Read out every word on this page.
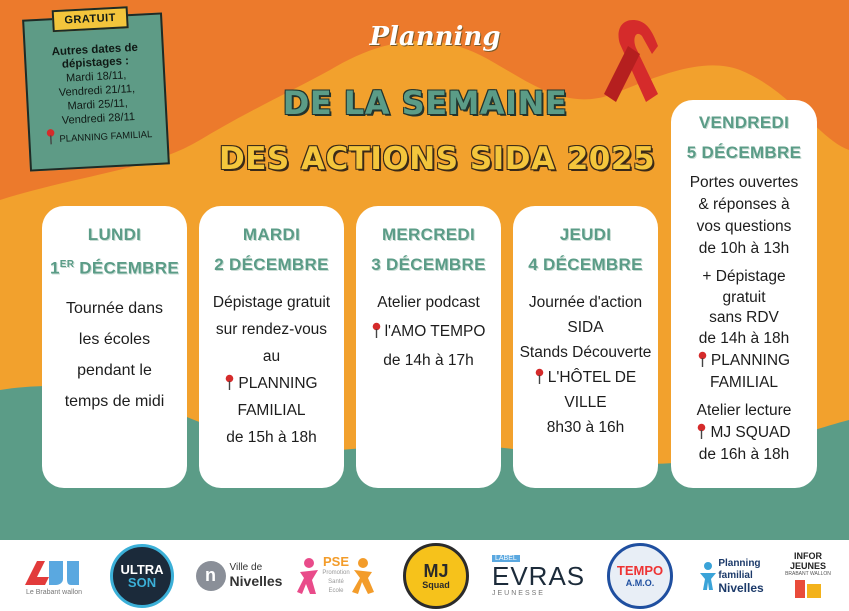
GRATUIT
Autres dates de dépistages :
Mardi 18/11,
Vendredi 21/11,
Mardi 25/11,
Vendredi 28/11
PLANNING FAMILIAL
Planning
DE LA SEMAINE
DES ACTIONS SIDA 2025
LUNDI
1ER DÉCEMBRE
Tournée dans
les écoles
pendant le
temps de midi
MARDI
2 DÉCEMBRE
Dépistage gratuit
sur rendez-vous
au
PLANNING
FAMILIAL
de 15h à 18h
MERCREDI
3 DÉCEMBRE
Atelier podcast
l'AMO TEMPO
de 14h à 17h
JEUDI
4 DÉCEMBRE
Journée d'action
SIDA
Stands Découverte
L'HÔTEL DE
VILLE
8h30 à 16h
VENDREDI
5 DÉCEMBRE
Portes ouvertes
& réponses à
vos questions
de 10h à 13h
+ Dépistage
gratuit
sans RDV
de 14h à 18h
PLANNING
FAMILIAL
Atelier lecture
MJ SQUAD
de 16h à 18h
Le Brabant wallon
ULTRA
SON	n	Ville de
Nivelles
PSE
Promotion
Santé
Ecole
MJ
Squad
LABEL
EVRAS
JEUNESSE
TEMPO
A.M.O.
Planning
familial
Nivelles
INFOR
JEUNES
BRABANT WALLON
